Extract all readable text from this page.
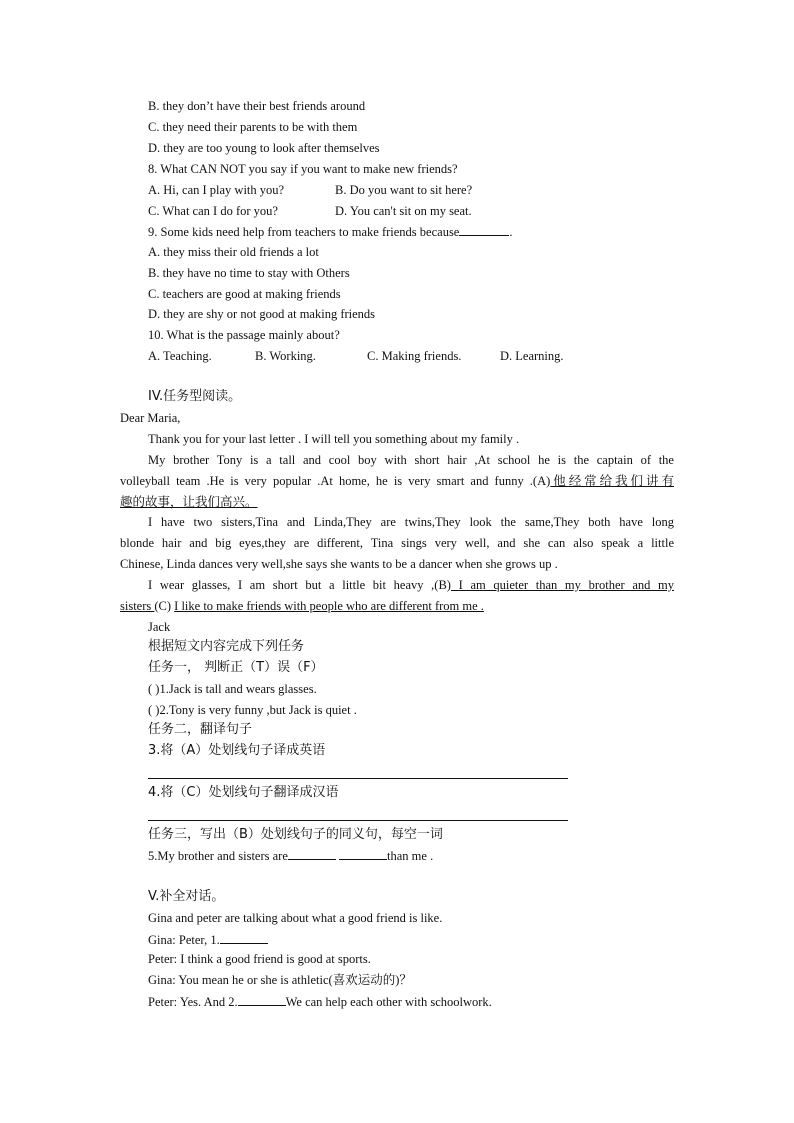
B. they don’t have their best friends around
C. they need their parents to be with them
D. they are too young to look after themselves
8. What CAN NOT you say if you want to make new friends?
A. Hi, can I play with you?	B. Do you want to sit here?
C. What can I do for you?	D. You can't sit on my seat.
9. Some kids need help from teachers to make friends because	.
A. they miss their old friends a lot
B. they have no time to stay with Others
C. teachers are good at making friends
D. they are shy or not good at making friends
10. What is the passage mainly about?
A. Teaching.	B. Working.	C. Making friends.	D. Learning.
IV.任务型阅读。
Dear Maria,
Thank you for your last letter . I will tell you something about my family .
My brother Tony is a tall and cool boy with short hair ,At school he is the captain of the
volleyball team .He is very popular .At home, he is very smart and funny .(A)他经常给我们讲有
趣的故事，让我们高兴。
I have two sisters,Tina and Linda,They are twins,They look the same,They both have long
blonde hair and big eyes,they are different, Tina sings very well, and she can also speak a little
Chinese, Linda dances very well,she says she wants to be a dancer when she grows up .
I wear glasses, I am short but a little bit heavy ,(B) I am quieter than my brother and my
sisters (C) I like to make friends with people who are different from me .
Jack
根据短文内容完成下列任务
任务一， 判断正（T）误（F）
( )1.Jack is tall and wears glasses.
( )2.Tony is very funny ,but Jack is quiet .
任务二，翻译句子
3.将（A）处划线句子译成英语
4.将（C）处划线句子翻译成汉语
任务三，写出（B）处划线句子的同义句，每空一词
5.My brother and sisters are	than me .
V.补全对话。
Gina and peter are talking about what a good friend is like.
Gina: Peter, 1.
Peter: I think a good friend is good at sports.
Gina: You mean he or she is athletic(喜欢运动的)？
Peter: Yes. And 2.	We can help each other with schoolwork.
